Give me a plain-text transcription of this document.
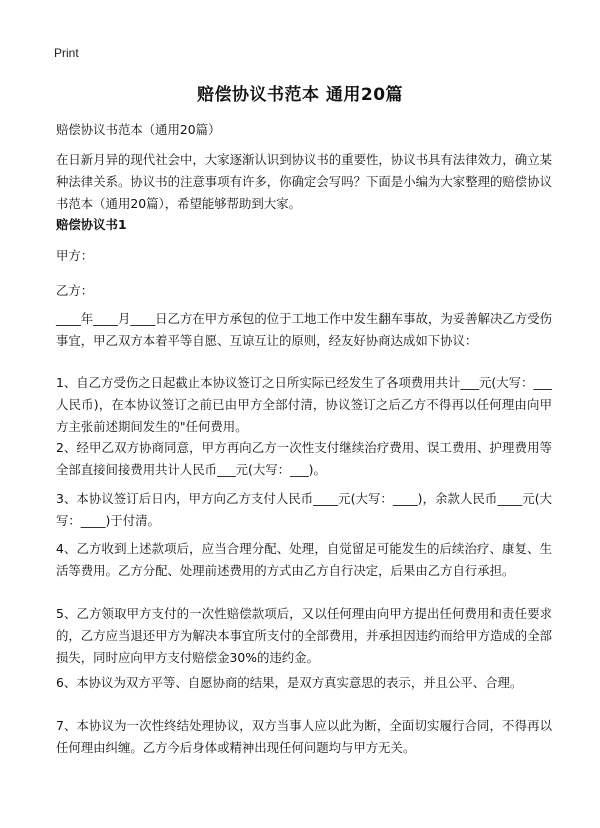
Print
赔偿协议书范本 通用20篇

赔偿协议书范本（通用20篇）

在日新月异的现代社会中，大家逐渐认识到协议书的重要性，协议书具有法律效力，确立某种法律关系。协议书的注意事项有许多，你确定会写吗？下面是小编为大家整理的赔偿协议书范本（通用20篇），希望能够帮助到大家。

赔偿协议书1

甲方：

乙方：

____年____月____日乙方在甲方承包的位于工地工作中发生翻车事故，为妥善解决乙方受伤事宜，甲乙双方本着平等自愿、互谅互让的原则，经友好协商达成如下协议：

1、自乙方受伤之日起截止本协议签订之日所实际已经发生了各项费用共计___元(大写：___人民币)，在本协议签订之前已由甲方全部付清，协议签订之后乙方不得再以任何理由向甲方主张前述期间发生的"任何费用。

2、经甲乙双方协商同意，甲方再向乙方一次性支付继续治疗费用、误工费用、护理费用等全部直接间接费用共计人民币___元(大写：___)。

3、本协议签订后日内，甲方向乙方支付人民币____元(大写：____)，余款人民币____元(大写：____)于付清。

4、乙方收到上述款项后，应当合理分配、处理，自觉留足可能发生的后续治疗、康复、生活等费用。乙方分配、处理前述费用的方式由乙方自行决定，后果由乙方自行承担。

5、乙方领取甲方支付的一次性赔偿款项后，又以任何理由向甲方提出任何费用和责任要求的，乙方应当退还甲方为解决本事宜所支付的全部费用，并承担因违约而给甲方造成的全部损失，同时应向甲方支付赔偿金30%的违约金。

6、本协议为双方平等、自愿协商的结果，是双方真实意思的表示，并且公平、合理。

7、本协议为一次性终结处理协议，双方当事人应以此为断，全面切实履行合同，不得再以任何理由纠缠。乙方今后身体或精神出现任何问题均与甲方无关。
